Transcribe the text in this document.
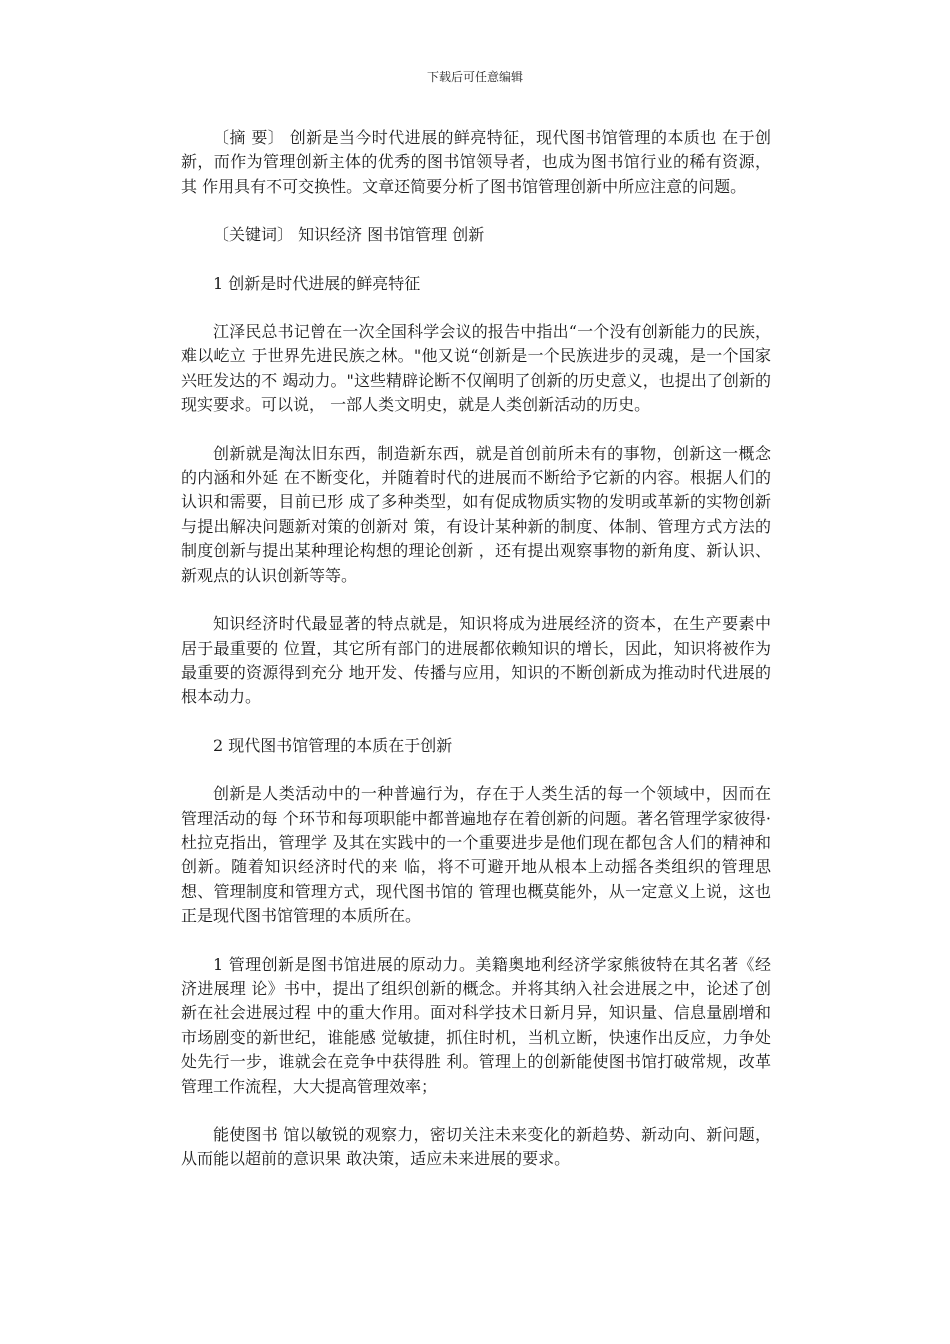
下载后可任意编辑

〔摘 要〕 创新是当今时代进展的鲜亮特征，现代图书馆管理的本质也 在于创新，而作为管理创新主体的优秀的图书馆领导者，也成为图书馆行业的稀有资源，其 作用具有不可交换性。文章还简要分析了图书馆管理创新中所应注意的问题。

〔关键词〕 知识经济 图书馆管理 创新

1 创新是时代进展的鲜亮特征

江泽民总书记曾在一次全国科学会议的报告中指出“一个没有创新能力的民族，难以屹立 于世界先进民族之林。"他又说“创新是一个民族进步的灵魂，是一个国家兴旺发达的不 竭动力。"这些精辟论断不仅阐明了创新的历史意义，也提出了创新的现实要求。可以说， 一部人类文明史，就是人类创新活动的历史。

创新就是淘汰旧东西，制造新东西，就是首创前所未有的事物，创新这一概念的内涵和外延 在不断变化，并随着时代的进展而不断给予它新的内容。根据人们的认识和需要，目前已形 成了多种类型，如有促成物质实物的发明或革新的实物创新与提出解决问题新对策的创新对 策，有设计某种新的制度、体制、管理方式方法的制度创新与提出某种理论构想的理论创新 ，还有提出观察事物的新角度、新认识、新观点的认识创新等等。

知识经济时代最显著的特点就是，知识将成为进展经济的资本，在生产要素中居于最重要的 位置，其它所有部门的进展都依赖知识的增长，因此，知识将被作为最重要的资源得到充分 地开发、传播与应用，知识的不断创新成为推动时代进展的根本动力。

2 现代图书馆管理的本质在于创新

创新是人类活动中的一种普遍行为，存在于人类生活的每一个领域中，因而在管理活动的每 个环节和每项职能中都普遍地存在着创新的问题。著名管理学家彼得·杜拉克指出，管理学 及其在实践中的一个重要进步是他们现在都包含人们的精神和创新。随着知识经济时代的来 临，将不可避开地从根本上动摇各类组织的管理思想、管理制度和管理方式，现代图书馆的 管理也概莫能外，从一定意义上说，这也正是现代图书馆管理的本质所在。

1 管理创新是图书馆进展的原动力。美籍奥地利经济学家熊彼特在其名著《经济进展理 论》书中，提出了组织创新的概念。并将其纳入社会进展之中，论述了创新在社会进展过程 中的重大作用。面对科学技术日新月异，知识量、信息量剧增和市场剧变的新世纪，谁能感 觉敏捷，抓住时机，当机立断，快速作出反应，力争处处先行一步，谁就会在竞争中获得胜 利。管理上的创新能使图书馆打破常规，改革管理工作流程，大大提高管理效率；

能使图书 馆以敏锐的观察力，密切关注未来变化的新趋势、新动向、新问题，从而能以超前的意识果 敢决策，适应未来进展的要求。
